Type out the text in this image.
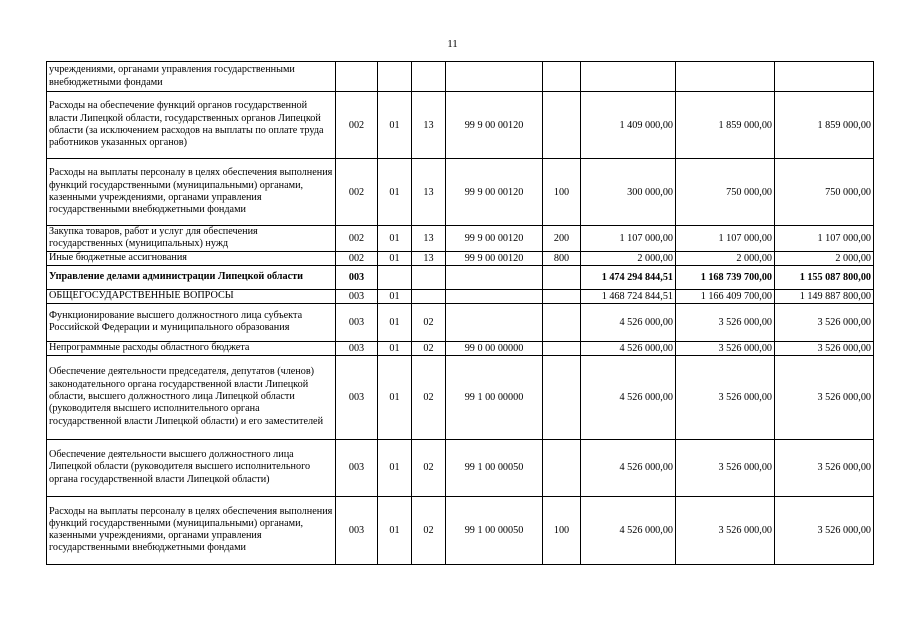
11
учреждениями, органами управления государственными внебюджетными фондами								
Расходы на обеспечение функций органов государственной власти Липецкой области, государственных органов Липецкой области (за исключением расходов на выплаты по оплате труда работников указанных органов)	002	01	13	99 9 00 00120		1 409 000,00	1 859 000,00	1 859 000,00
Расходы на выплаты персоналу в целях обеспечения выполнения функций государственными (муниципальными) органами, казенными учреждениями, органами управления государственными внебюджетными фондами	002	01	13	99 9 00 00120	100	300 000,00	750 000,00	750 000,00
Закупка товаров, работ и услуг для обеспечения государственных (муниципальных) нужд	002	01	13	99 9 00 00120	200	1 107 000,00	1 107 000,00	1 107 000,00
Иные бюджетные ассигнования	002	01	13	99 9 00 00120	800	2 000,00	2 000,00	2 000,00
Управление делами администрации Липецкой области	003					1 474 294 844,51	1 168 739 700,00	1 155 087 800,00
ОБЩЕГОСУДАРСТВЕННЫЕ ВОПРОСЫ	003	01				1 468 724 844,51	1 166 409 700,00	1 149 887 800,00
Функционирование высшего должностного лица субъекта Российской Федерации и муниципального образования	003	01	02			4 526 000,00	3 526 000,00	3 526 000,00
Непрограммные расходы областного бюджета	003	01	02	99 0 00 00000		4 526 000,00	3 526 000,00	3 526 000,00
Обеспечение деятельности председателя, депутатов (членов) законодательного органа государственной власти Липецкой области, высшего должностного лица Липецкой области (руководителя высшего исполнительного органа государственной власти Липецкой области) и его заместителей	003	01	02	99 1 00 00000		4 526 000,00	3 526 000,00	3 526 000,00
Обеспечение деятельности высшего должностного лица Липецкой области (руководителя высшего исполнительного органа государственной власти Липецкой области)	003	01	02	99 1 00 00050		4 526 000,00	3 526 000,00	3 526 000,00
Расходы на выплаты персоналу в целях обеспечения выполнения функций государственными (муниципальными) органами, казенными учреждениями, органами управления государственными внебюджетными фондами	003	01	02	99 1 00 00050	100	4 526 000,00	3 526 000,00	3 526 000,00
